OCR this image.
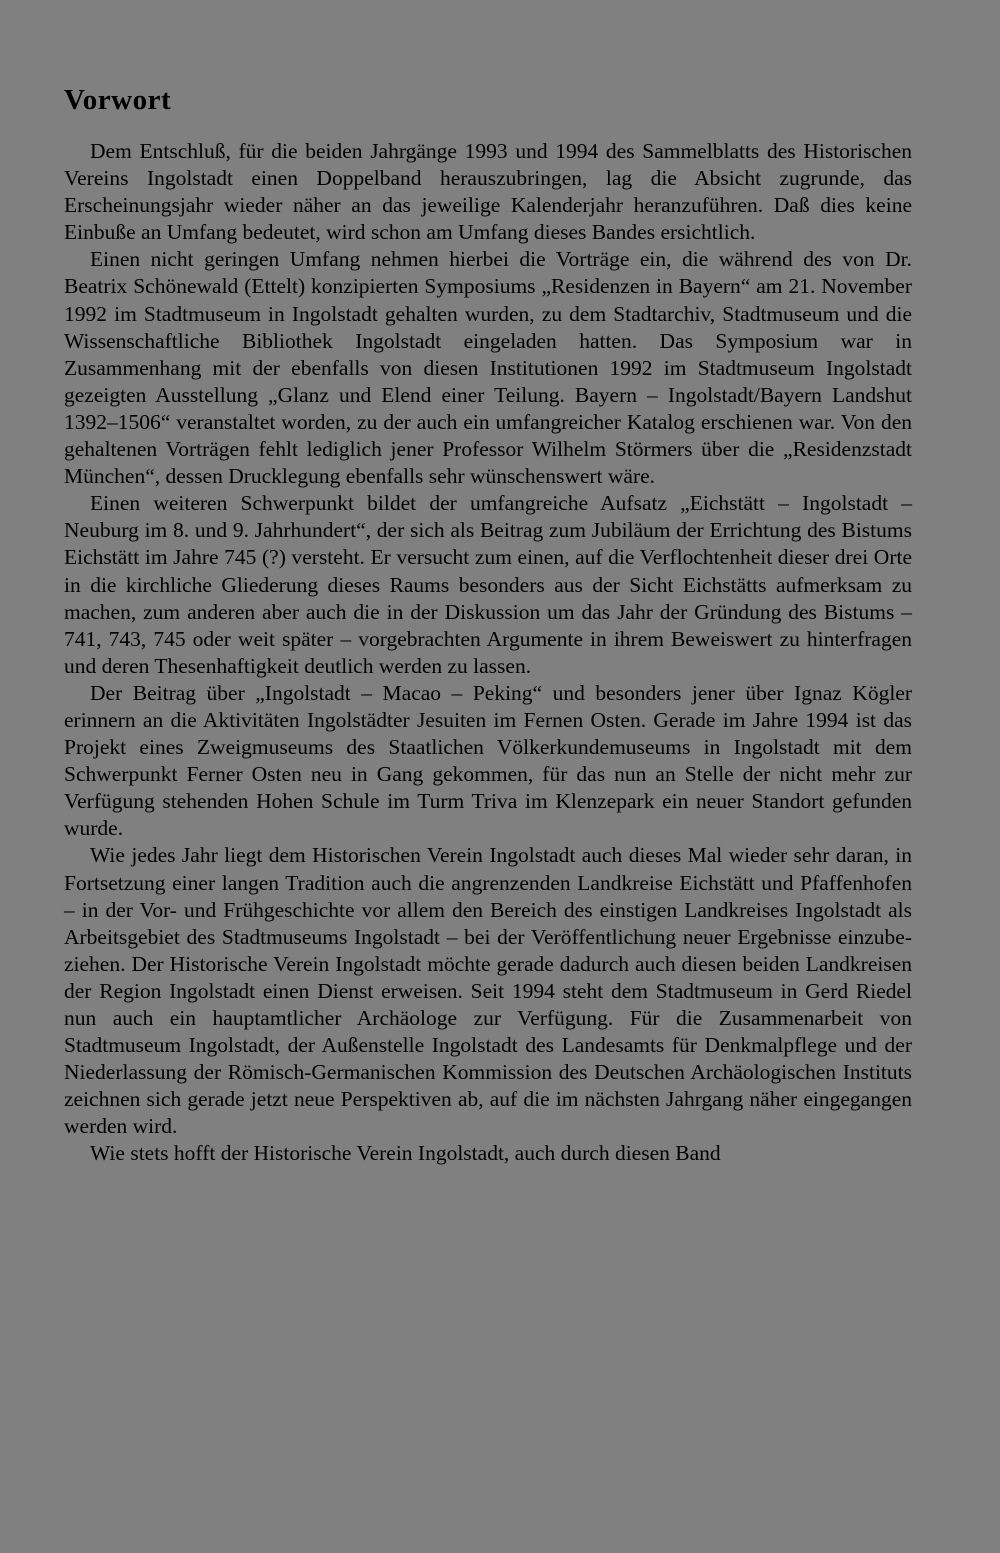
Vorwort

Dem Entschluß, für die beiden Jahrgänge 1993 und 1994 des Sammelblatts des Historischen Vereins Ingolstadt einen Doppelband herauszubringen, lag die Absicht zugrunde, das Erscheinungsjahr wieder näher an das jeweilige Kalenderjahr heranzuführen. Daß dies keine Einbuße an Umfang bedeutet, wird schon am Umfang dieses Bandes ersichtlich.

Einen nicht geringen Umfang nehmen hierbei die Vorträge ein, die während des von Dr. Beatrix Schönewald (Ettelt) konzipierten Symposiums „Residenzen in Bayern“ am 21. November 1992 im Stadtmuseum in Ingolstadt gehalten wurden, zu dem Stadtarchiv, Stadtmuseum und die Wissenschaftliche Bibliothek Ingolstadt eingeladen hatten. Das Symposium war in Zusammenhang mit der ebenfalls von diesen Institutionen 1992 im Stadtmuseum Ingolstadt gezeigten Ausstellung „Glanz und Elend einer Teilung. Bayern – Ingolstadt/Bayern Landshut 1392–1506“ veranstaltet worden, zu der auch ein umfangreicher Katalog erschienen war. Von den gehaltenen Vorträgen fehlt lediglich jener Professor Wilhelm Störmers über die „Residenzstadt München“, dessen Drucklegung ebenfalls sehr wünschenswert wäre.

Einen weiteren Schwerpunkt bildet der umfangreiche Aufsatz „Eichstätt – Ingolstadt – Neuburg im 8. und 9. Jahrhundert“, der sich als Beitrag zum Jubiläum der Errichtung des Bistums Eichstätt im Jahre 745 (?) versteht. Er versucht zum einen, auf die Verflochtenheit dieser drei Orte in die kirchliche Gliederung dieses Raums besonders aus der Sicht Eichstätts aufmerksam zu machen, zum anderen aber auch die in der Diskussion um das Jahr der Gründung des Bistums – 741, 743, 745 oder weit später – vorgebrachten Argumente in ihrem Beweiswert zu hinterfragen und deren Thesenhaftigkeit deutlich werden zu lassen.

Der Beitrag über „Ingolstadt – Macao – Peking“ und besonders jener über Ignaz Kögler erinnern an die Aktivitäten Ingolstädter Jesuiten im Fernen Osten. Gerade im Jahre 1994 ist das Projekt eines Zweigmuseums des Staatlichen Völkerkundemuseums in Ingolstadt mit dem Schwerpunkt Ferner Osten neu in Gang gekommen, für das nun an Stelle der nicht mehr zur Verfügung stehenden Hohen Schule im Turm Triva im Klenzepark ein neuer Standort gefunden wurde.

Wie jedes Jahr liegt dem Historischen Verein Ingolstadt auch dieses Mal wieder sehr daran, in Fortsetzung einer langen Tradition auch die angrenzenden Landkreise Eichstätt und Pfaffenhofen – in der Vor- und Frühgeschichte vor allem den Bereich des einstigen Landkreises Ingolstadt als Arbeitsgebiet des Stadtmuseums Ingolstadt – bei der Veröffentlichung neuer Ergebnisse einzubeziehen. Der Historische Verein Ingolstadt möchte gerade dadurch auch diesen beiden Landkreisen der Region Ingolstadt einen Dienst erweisen. Seit 1994 steht dem Stadtmuseum in Gerd Riedel nun auch ein hauptamtlicher Archäologe zur Verfügung. Für die Zusammenarbeit von Stadtmuseum Ingolstadt, der Außenstelle Ingolstadt des Landesamts für Denkmalpflege und der Niederlassung der Römisch-Germanischen Kommission des Deutschen Archäologischen Instituts zeichnen sich gerade jetzt neue Perspektiven ab, auf die im nächsten Jahrgang näher eingegangen werden wird.

Wie stets hofft der Historische Verein Ingolstadt, auch durch diesen Band
